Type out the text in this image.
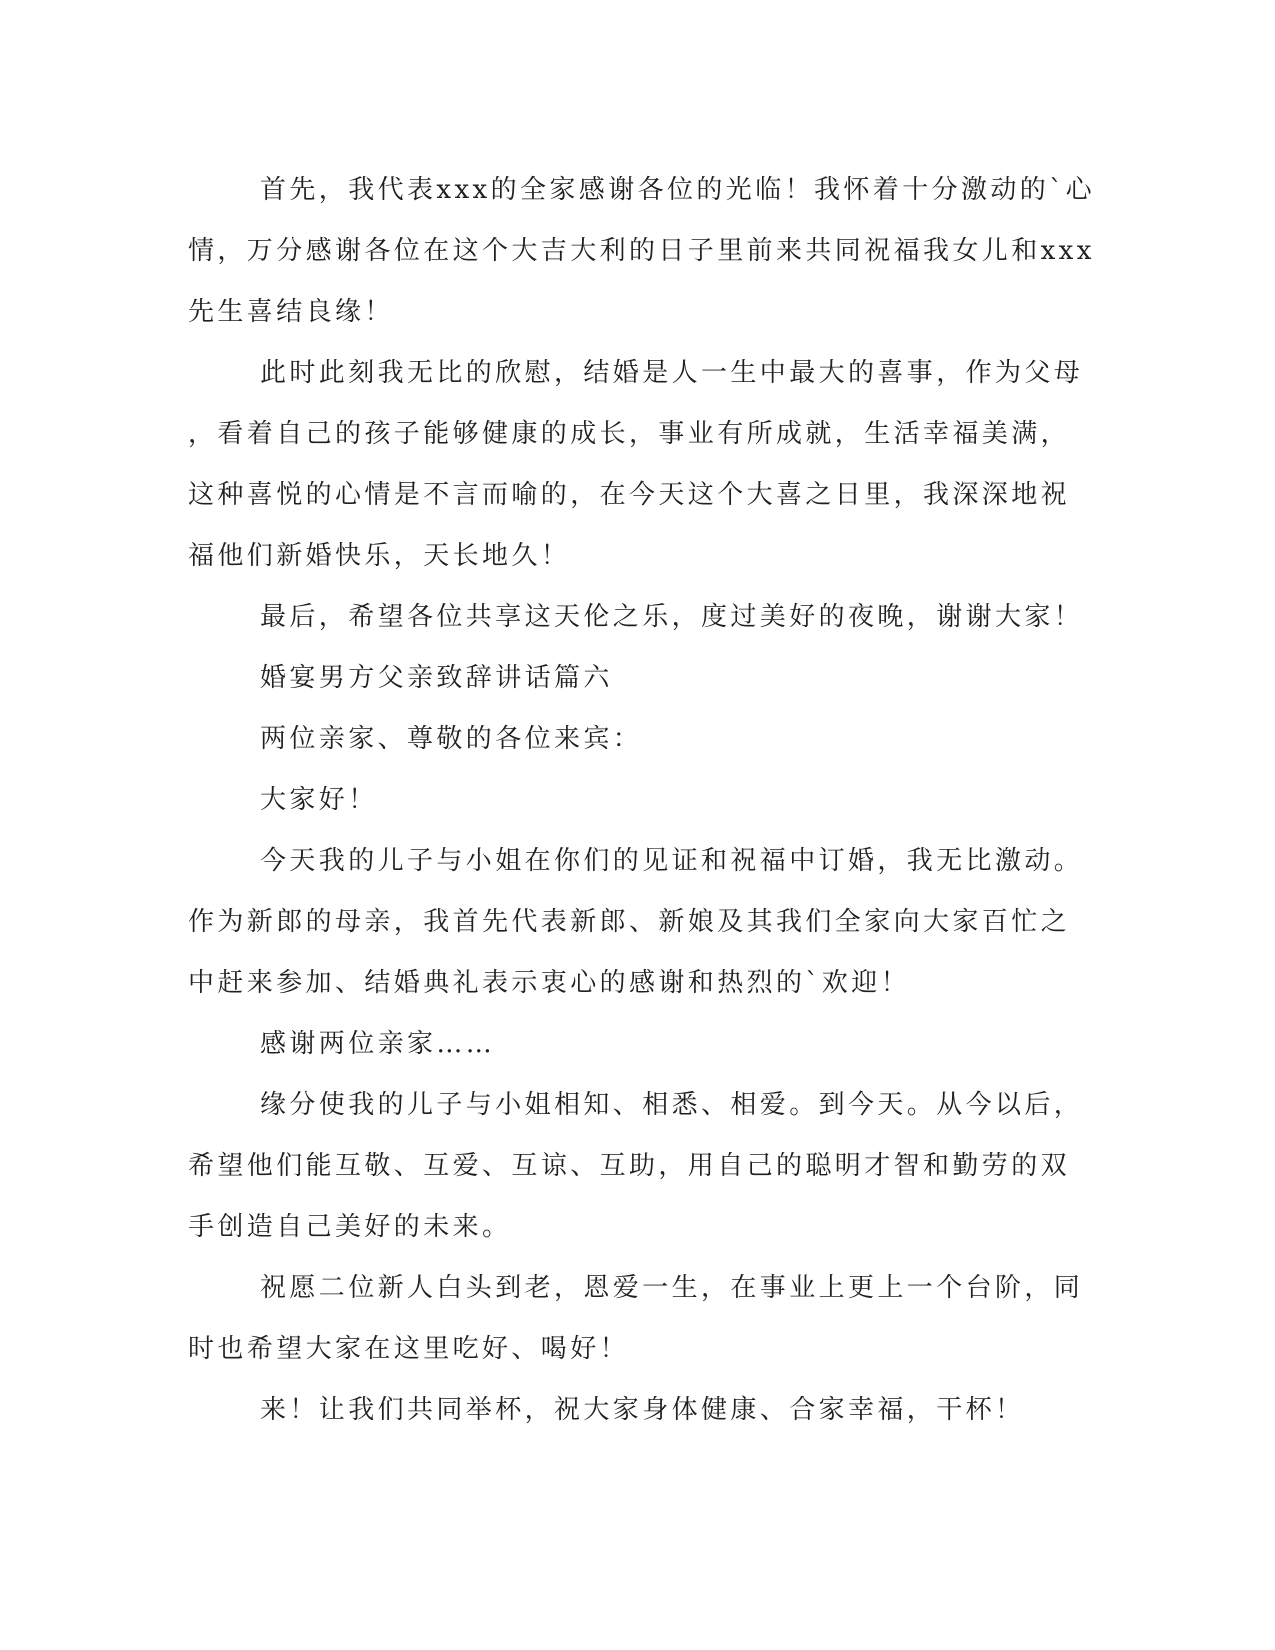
首先，我代表xxx的全家感谢各位的光临！我怀着十分激动的`心
情，万分感谢各位在这个大吉大利的日子里前来共同祝福我女儿和xxx
先生喜结良缘！
此时此刻我无比的欣慰，结婚是人一生中最大的喜事，作为父母
，看着自己的孩子能够健康的成长，事业有所成就，生活幸福美满，
这种喜悦的心情是不言而喻的，在今天这个大喜之日里，我深深地祝
福他们新婚快乐，天长地久！
最后，希望各位共享这天伦之乐，度过美好的夜晚，谢谢大家！
婚宴男方父亲致辞讲话篇六
两位亲家、尊敬的各位来宾：
大家好！
今天我的儿子与小姐在你们的见证和祝福中订婚，我无比激动。
作为新郎的母亲，我首先代表新郎、新娘及其我们全家向大家百忙之
中赶来参加、结婚典礼表示衷心的感谢和热烈的`欢迎！
感谢两位亲家……
缘分使我的儿子与小姐相知、相悉、相爱。到今天。从今以后，
希望他们能互敬、互爱、互谅、互助，用自己的聪明才智和勤劳的双
手创造自己美好的未来。
祝愿二位新人白头到老，恩爱一生，在事业上更上一个台阶，同
时也希望大家在这里吃好、喝好！
来！让我们共同举杯，祝大家身体健康、合家幸福，干杯！
